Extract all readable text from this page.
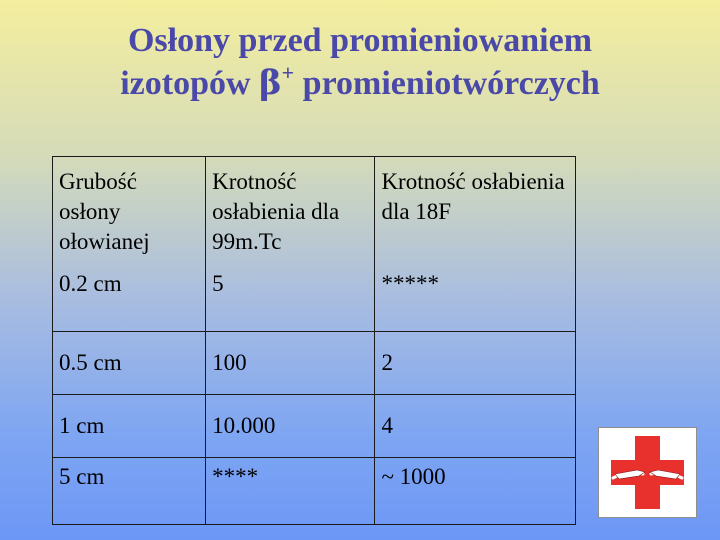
Osłony przed promieniowaniem
izotopów β+ promieniotwórczych
Grubość osłony ołowianej	Krotność osłabienia dla 99m.Tc	Krotność osłabienia dla 18F
0.2 cm	5	*****
0.5 cm	100	2
1 cm	10.000	4
5 cm	****	~ 1000
